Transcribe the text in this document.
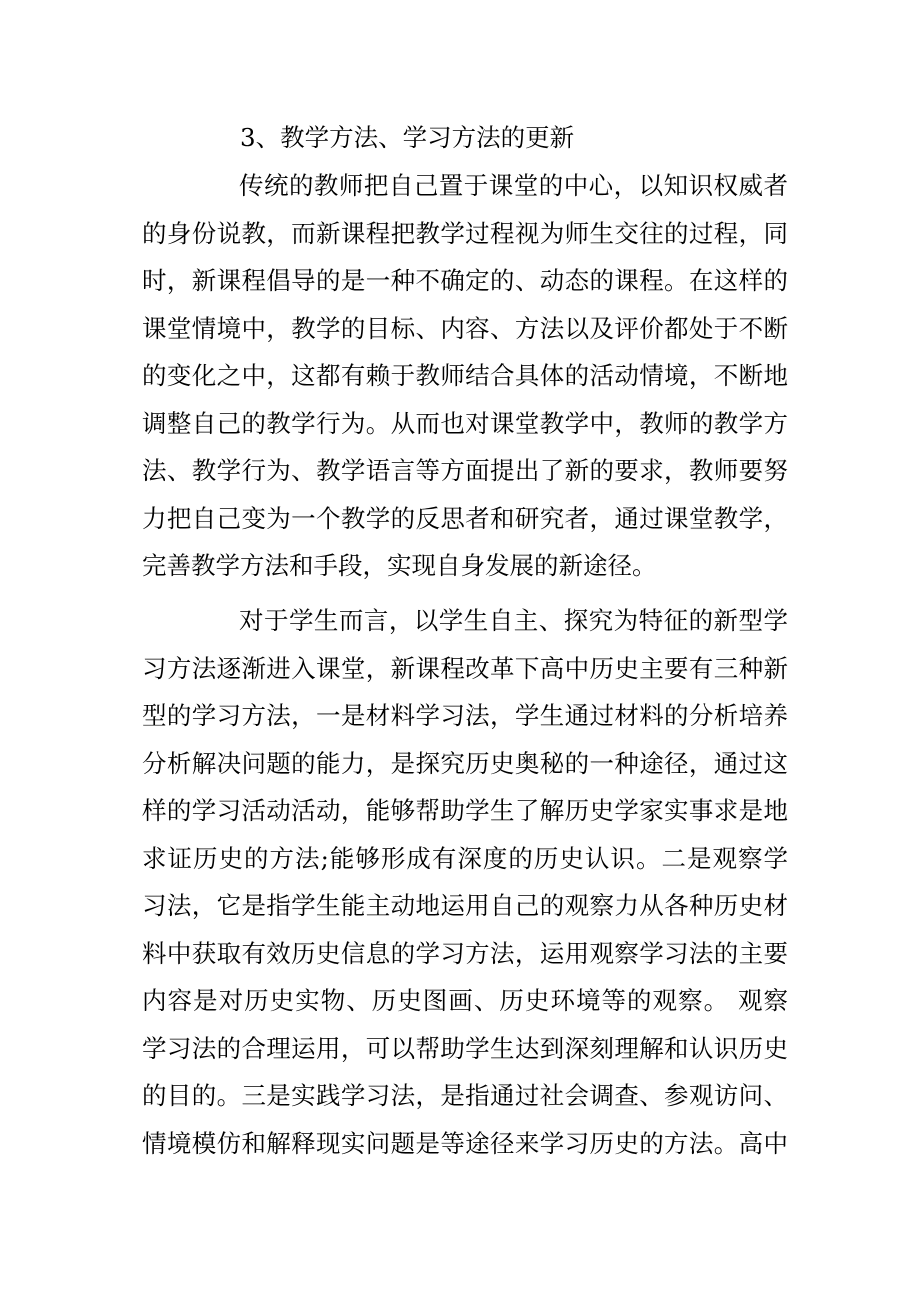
3、教学方法、学习方法的更新
传统的教师把自己置于课堂的中心，以知识权威者
的身份说教，而新课程把教学过程视为师生交往的过程，同
时，新课程倡导的是一种不确定的、动态的课程。在这样的
课堂情境中，教学的目标、内容、方法以及评价都处于不断
的变化之中，这都有赖于教师结合具体的活动情境，不断地
调整自己的教学行为。从而也对课堂教学中，教师的教学方
法、教学行为、教学语言等方面提出了新的要求，教师要努
力把自己变为一个教学的反思者和研究者，通过课堂教学，
完善教学方法和手段，实现自身发展的新途径。
对于学生而言，以学生自主、探究为特征的新型学
习方法逐渐进入课堂，新课程改革下高中历史主要有三种新
型的学习方法，一是材料学习法，学生通过材料的分析培养
分析解决问题的能力，是探究历史奥秘的一种途径，通过这
样的学习活动活动，能够帮助学生了解历史学家实事求是地
求证历史的方法;能够形成有深度的历史认识。二是观察学
习法，它是指学生能主动地运用自己的观察力从各种历史材
料中获取有效历史信息的学习方法，运用观察学习法的主要
内容是对历史实物、历史图画、历史环境等的观察。 观察
学习法的合理运用，可以帮助学生达到深刻理解和认识历史
的目的。三是实践学习法，是指通过社会调查、参观访问、
情境模仿和解释现实问题是等途径来学习历史的方法。高中
